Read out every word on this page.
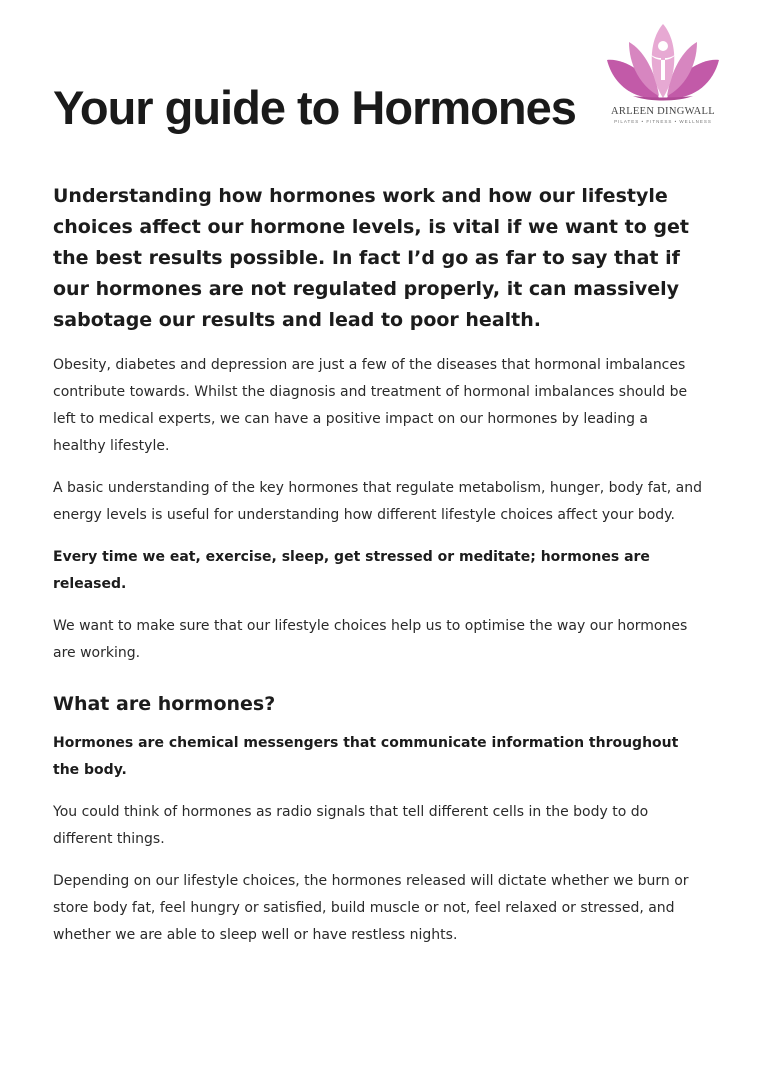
Your guide to Hormones	ARLEEN DINGWALL
PILATES • FITNESS • WELLNESS

Understanding how hormones work and how our lifestyle choices affect our hormone levels, is vital if we want to get the best results possible. In fact I’d go as far to say that if our hormones are not regulated properly, it can massively sabotage our results and lead to poor health.

Obesity, diabetes and depression are just a few of the diseases that hormonal imbalances contribute towards. Whilst the diagnosis and treatment of hormonal imbalances should be left to medical experts, we can have a positive impact on our hormones by leading a healthy lifestyle.

A basic understanding of the key hormones that regulate metabolism, hunger, body fat, and energy levels is useful for understanding how different lifestyle choices affect your body.

Every time we eat, exercise, sleep, get stressed or meditate; hormones are released.

We want to make sure that our lifestyle choices help us to optimise the way our hormones are working.

What are hormones?

Hormones are chemical messengers that communicate information throughout the body.

You could think of hormones as radio signals that tell different cells in the body to do different things.

Depending on our lifestyle choices, the hormones released will dictate whether we burn or store body fat, feel hungry or satisfied, build muscle or not, feel relaxed or stressed, and whether we are able to sleep well or have restless nights.
